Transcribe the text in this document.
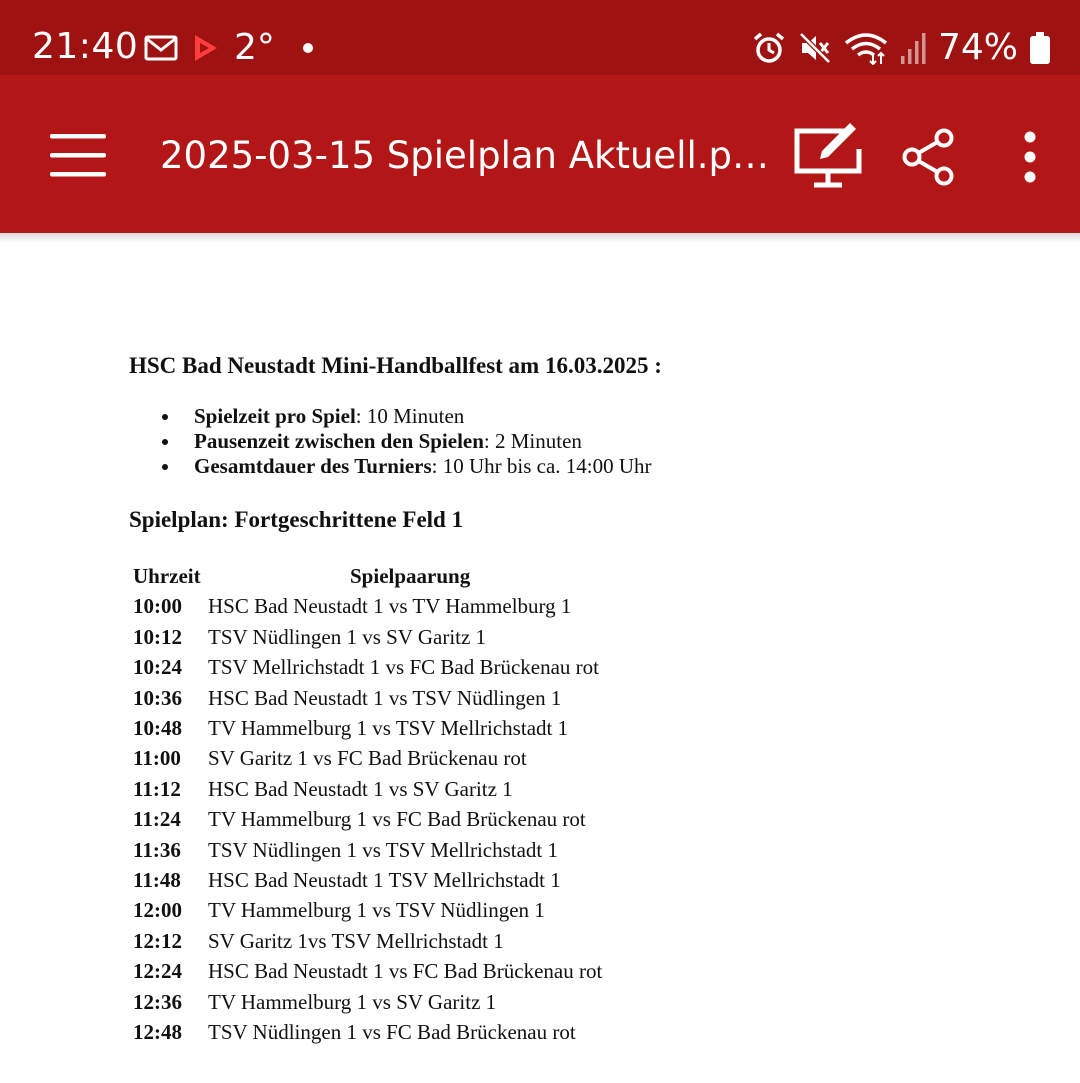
21:40	2°	74%
2025-03-15 Spielplan Aktuell.p…
HSC Bad Neustadt Mini-Handballfest am 16.03.2025 :
Spielzeit pro Spiel: 10 Minuten
Pausenzeit zwischen den Spielen: 2 Minuten
Gesamtdauer des Turniers: 10 Uhr bis ca. 14:00 Uhr
Spielplan: Fortgeschrittene Feld 1
Uhrzeit	Spielpaarung
10:00	HSC Bad Neustadt 1 vs TV Hammelburg 1
10:12	TSV Nüdlingen 1 vs SV Garitz 1
10:24	TSV Mellrichstadt 1 vs FC Bad Brückenau rot
10:36	HSC Bad Neustadt 1 vs TSV Nüdlingen 1
10:48	TV Hammelburg 1 vs TSV Mellrichstadt 1
11:00	SV Garitz 1 vs FC Bad Brückenau rot
11:12	HSC Bad Neustadt 1 vs SV Garitz 1
11:24	TV Hammelburg 1 vs FC Bad Brückenau rot
11:36	TSV Nüdlingen 1 vs TSV Mellrichstadt 1
11:48	HSC Bad Neustadt 1 TSV Mellrichstadt 1
12:00	TV Hammelburg 1 vs TSV Nüdlingen 1
12:12	SV Garitz 1vs TSV Mellrichstadt 1
12:24	HSC Bad Neustadt 1 vs FC Bad Brückenau rot
12:36	TV Hammelburg 1 vs SV Garitz 1
12:48	TSV Nüdlingen 1 vs FC Bad Brückenau rot
